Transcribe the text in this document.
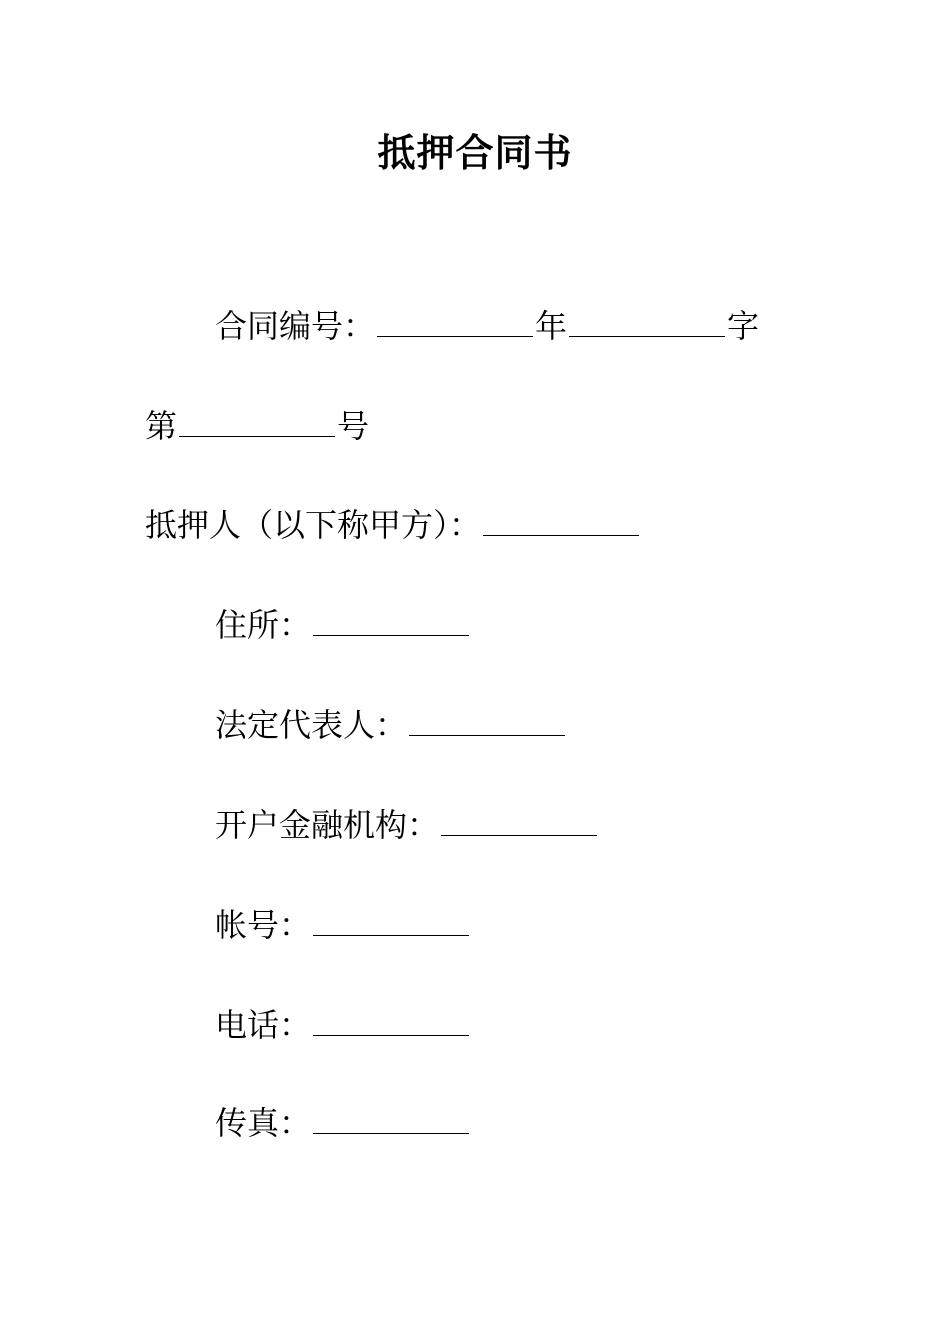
抵押合同书
合同编号：	年	字
第	号
抵押人（以下称甲方）：
住所：
法定代表人：
开户金融机构：
帐号：
电话：
传真：
